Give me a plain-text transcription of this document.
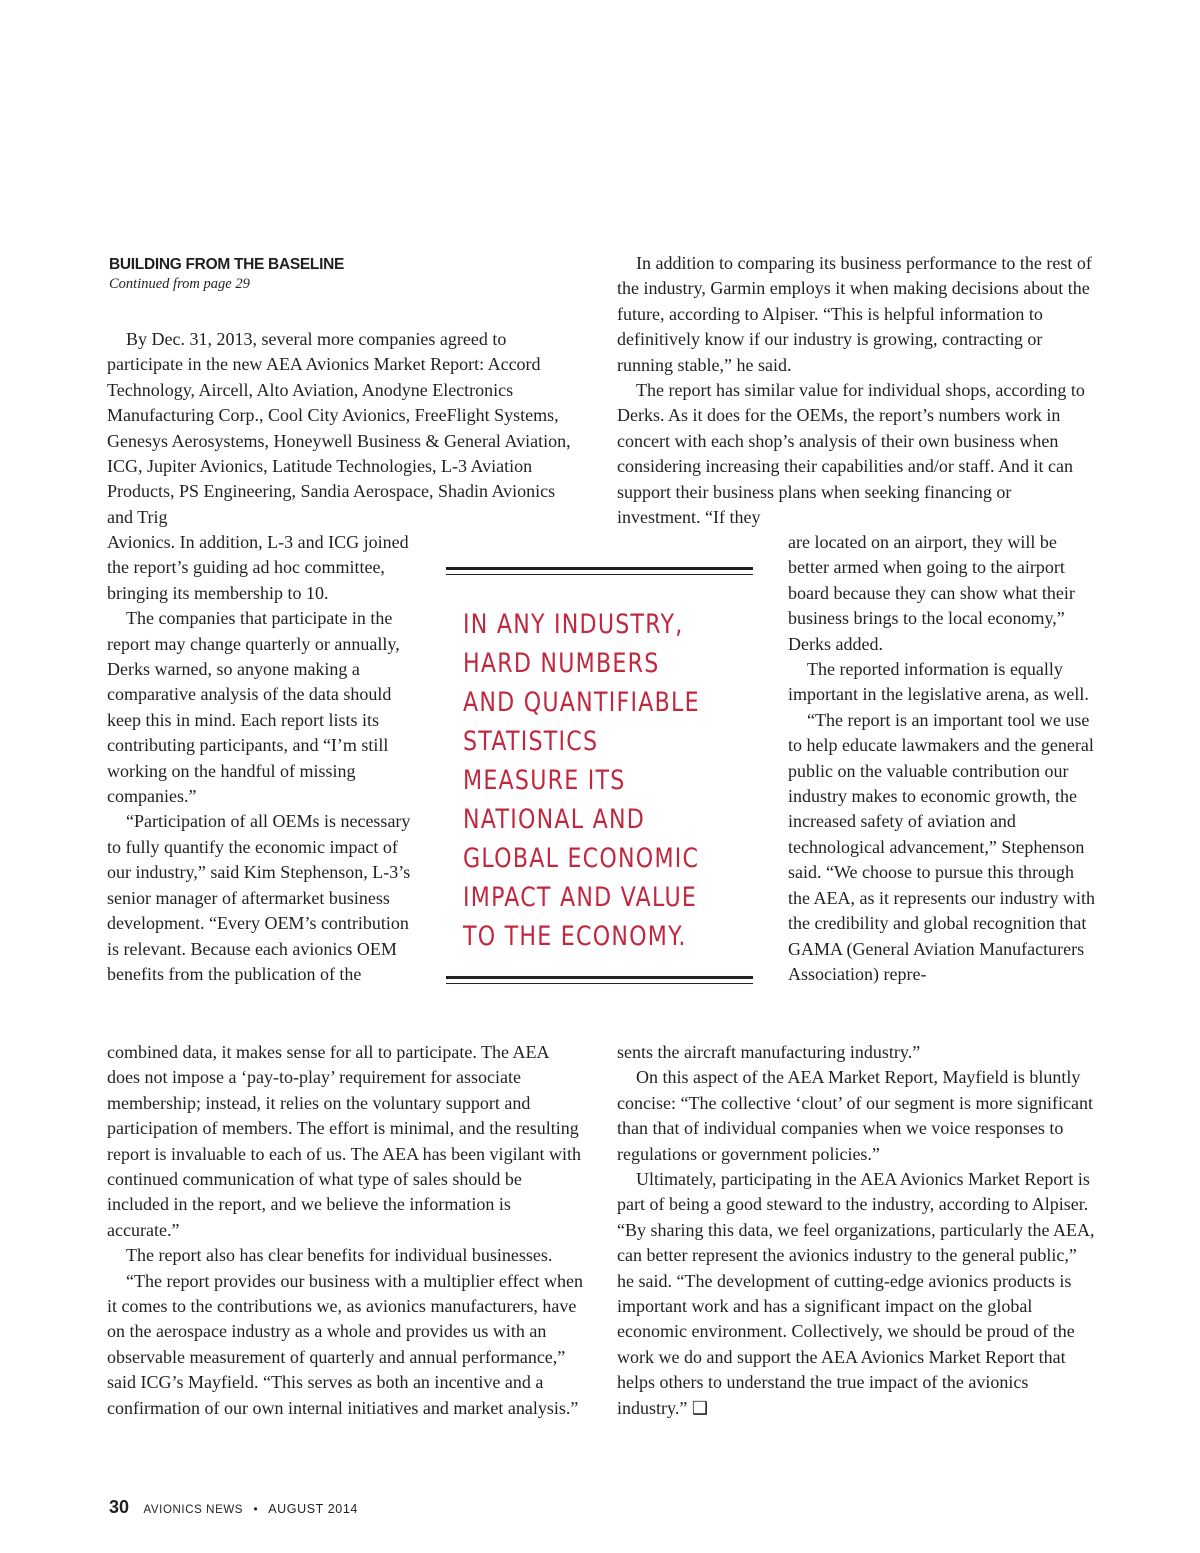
BUILDING FROM THE BASELINE
Continued from page 29

By Dec. 31, 2013, several more companies agreed to participate in the new AEA Avionics Market Report: Accord Technology, Aircell, Alto Aviation, Anodyne Electronics Manufacturing Corp., Cool City Avionics, FreeFlight Systems, Genesys Aerosystems, Honeywell Business & General Aviation, ICG, Jupiter Avionics, Latitude Technologies, L-3 Aviation Products, PS Engineering, Sandia Aerospace, Shadin Avionics and Trig

Avionics. In addition, L-3 and ICG joined the report’s guiding ad hoc committee, bringing its membership to 10.

The companies that participate in the report may change quarterly or annually, Derks warned, so anyone making a comparative analysis of the data should keep this in mind. Each report lists its contributing participants, and “I’m still working on the handful of missing companies.”

“Participation of all OEMs is necessary to fully quantify the economic impact of our industry,” said Kim Stephenson, L-3’s senior manager of aftermarket business development. “Every OEM’s contribution is relevant. Because each avionics OEM benefits from the publication of the

combined data, it makes sense for all to participate. The AEA does not impose a ‘pay-to-play’ requirement for associate membership; instead, it relies on the voluntary support and participation of members. The effort is minimal, and the resulting report is invaluable to each of us. The AEA has been vigilant with continued communication of what type of sales should be included in the report, and we believe the information is accurate.”

The report also has clear benefits for individual businesses.

“The report provides our business with a multiplier effect when it comes to the contributions we, as avionics manufacturers, have on the aerospace industry as a whole and provides us with an observable measurement of quarterly and annual performance,” said ICG’s Mayfield. “This serves as both an incentive and a confirmation of our own internal initiatives and market analysis.”

IN ANY INDUSTRY,
HARD NUMBERS
AND QUANTIFIABLE
STATISTICS
MEASURE ITS
NATIONAL AND
GLOBAL ECONOMIC
IMPACT AND VALUE
TO THE ECONOMY.

In addition to comparing its business performance to the rest of the industry, Garmin employs it when making decisions about the future, according to Alpiser. “This is helpful information to definitively know if our industry is growing, contracting or running stable,” he said.

The report has similar value for individual shops, according to Derks. As it does for the OEMs, the report’s numbers work in concert with each shop’s analysis of their own business when considering increasing their capabilities and/or staff. And it can support their business plans when seeking financing or investment. “If they

are located on an airport, they will be better armed when going to the airport board because they can show what their business brings to the local economy,” Derks added.

The reported information is equally important in the legislative arena, as well.

“The report is an important tool we use to help educate lawmakers and the general public on the valuable contribution our industry makes to economic growth, the increased safety of aviation and technological advancement,” Stephenson said. “We choose to pursue this through the AEA, as it represents our industry with the credibility and global recognition that GAMA (General Aviation Manufacturers Association) repre-

sents the aircraft manufacturing industry.”

On this aspect of the AEA Market Report, Mayfield is bluntly concise: “The collective ‘clout’ of our segment is more significant than that of individual companies when we voice responses to regulations or government policies.”

Ultimately, participating in the AEA Avionics Market Report is part of being a good steward to the industry, according to Alpiser. “By sharing this data, we feel organizations, particularly the AEA, can better represent the avionics industry to the general public,” he said. “The development of cutting-edge avionics products is important work and has a significant impact on the global economic environment. Collectively, we should be proud of the work we do and support the AEA Avionics Market Report that helps others to understand the true impact of the avionics industry.” ❑

30 AVIONICS NEWS • AUGUST 2014
